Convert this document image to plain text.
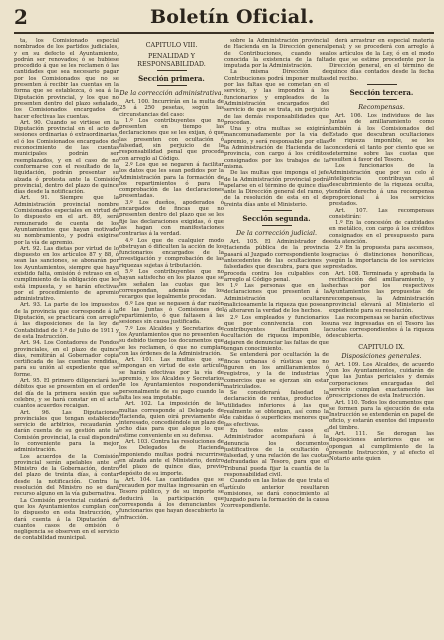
2	Boletín Oficial.

ta, los Comisionado especial nombrados de los partidos judiciales, y en su defecto el Ayuntamiento, podrán ser renovados; ó se hubiese procedido á que se les reclamen ó las cantidades que sea necesario pagar por los Comisionados que no se presenten á recibir las cuentas en la forma que se establezca, ó sea á la Diputación provincial, y los que no presenten dentro del plazo señalado, los Comisionados encargados de hacer efectivas las cuentas.

Art. 90. Cuando se virtiese en la Diputación provincial en el acto de sesiones ordinarias ó extraordinarias, el ó los Comisionados encargados del reconocimiento de las cuentas municipales podrán ser reemplazados, y en el caso de no conformarse con el resultado de la liquidación, podrán presentar su alzada ó protesta ante la Comisión provincial, dentro del plazo de quince días desde la notificación.

Art. 91. Siempre que la Administración provincial nombre Comisionados especiales en virtud de lo dispuesto en el art. 89, será remunerado de cuenta de los Ayuntamientos que hayan motivado su nombramiento, y podrá exigirse por la vía de apremio.

Art. 92. Las dietas por virtud de lo dispuesto en los artículos 87 y 88, ó sean las sanciones, se abonarán por los Ayuntamientos, siempre que haya existido falta, omisión ó retraso en el cumplimiento de la obligación que les está impuesta, y se harán efectivas por el procedimiento de apremio administrativo.

Art. 93. La parte de los impuestos de la provincia que corresponde á la Diputación, se practicará con arreglo á las disposiciones de la ley de Contabilidad de 1.º de Julio de 1911 y de esta Instrucción.

Art. 94. Los Contadores de Fondos provinciales, en el plazo de quince días, remitirán al Gobernador copia certificada de las cuentas rendidas, para su unión al expediente que se forme.

Art. 95. El primero diligenciará los débitos que se presenten en el orden del día de la primera sesión que se celebre, y se hará constar en el acta cuantos acuerdos recaigan.

Art. 96. Las Diputaciones provinciales que tengan establecido servicio de arbitrios, recaudarán y darán cuenta de su gestión ante la Comisión provincial, la cual dispondrá lo conveniente para la mejor administración.

Los acuerdos de la Comisión provincial serán apelables ante el Ministro de la Gobernación, dentro del plazo de treinta días, á contar desde la notificación. Contra la resolución del Ministro no se dará recurso alguno en la vía gubernativa.

La Comisión provincial cuidará de que los Ayuntamientos cumplan con lo dispuesto en esta Instrucción, y dará cuenta á la Diputación de cuantos casos de omisión ó negligencia se observen en el servicio de contabilidad municipal.

CAPITULO VIII.

PENALIDAD Y RESPONSABILIDAD.

Sección primera.

De la corrección administrativa.

Art. 100. Incurrirán en la multa de 25 á 250 pesetas, según las circunstancias del caso:

1.º Los contribuyentes que no presenten en tiempo las declaraciones que se les exijan, ó que las presenten con ocultación ó falsedad, sin perjuicio de la responsabilidad penal que proceda con arreglo al Código.

2.º Los que se negaren á facilitar los datos que les sean pedidos por la Administración para la formación de los repartimientos ó para la comprobación de las declaraciones presentadas.

3.º Los dueños, apoderados ó encargados de fincas que no presenten dentro del plazo que se les fije las declaraciones exigidas, ó que las hagan con manifestaciones contrarias á la verdad.

4.º Los que de cualquier modo obstruyan ó dificulten la acción de los funcionarios encargados de la investigación y comprobación de las riquezas sujetas á tributación.

5.º Los contribuyentes que no hayan satisfecho en los plazos que se les señalen las cuotas que les correspondan, además de los recargos que legalmente procedan.

6.º Los que se negasen á dar razón de las Juntas ó Comisiones del repartimiento, ó que faltasen á las sesiones sin causa justificada.

7.º Los Alcaldes y Secretarios de los Ayuntamientos que no presenten á su debido tiempo los documentos que se les reclamen, ó que no cumplan con las órdenes de la Administración.

Art. 101. Las multas que se impongan en virtud de este artículo se harán efectivas por la vía de apremio, y los Alcaldes y Secretarios de los Ayuntamientos responderán personalmente de su pago cuando la falta les sea imputable.

Art. 102. La imposición de las multas corresponde al Delegado de Hacienda, quien oirá previamente al interesado, concediéndole un plazo de ocho días para que alegue lo que estime conveniente en su defensa.

Art. 103. Contra las resoluciones de los Delegados de Hacienda imponiendo multas podrá recurrirse en alzada ante el Ministerio, dentro del plazo de quince días, previo depósito de su importe.

Art. 104. Las cantidades que se recauden por multas ingresarán en el Tesoro público, y de su importe se deducirá la participación que corresponda á los denunciantes y funcionarios que hayan descubierto la infracción.

sobre la Administración provincial de Hacienda en la Dirección general de Contribuciones, cuando sea conocida la existencia de la falta imputada por la Administración.

La misma Dirección de Contribuciones podrá imponer multas por las faltas que se cometan en el servicio, y las impondrá á los funcionarios y empleados de la Administración encargados del servicio de que se trata, sin perjuicio de las demás responsabilidades que procedan.

Una y otra multas se exigirán mancomunadamente por la vía de apremio, y será responsable por ellas la Administración de Hacienda de la provincia, con cargo á los créditos consignados por los trabajos de la misma.

De las multas que imponga el jefe de la Administración provincial podrá apelarse en el término de quince días ante la Dirección general del ramo, y de la resolución de esta en el de treinta días ante el Ministerio.

Sección segunda.

De la corrección judicial.

Art. 105. El Administrador de Hacienda pública de la provincia pasará al Juzgado correspondiente los antecedentes de las ocultaciones y falsedades que descubra, para que se proceda contra los culpables con arreglo al Código penal.

1.º Las personas que en las declaraciones que presenten á la Administración ocultaren maliciosamente la riqueza que posean ó alteraren la verdad de los hechos.

2.º Los empleados y funcionarios que por connivencia con los contribuyentes facilitaren la ocultación de riqueza imponible, ó dejaren de denunciar las faltas de que tengan conocimiento.

Se entenderá por ocultación la de fincas urbanas ó rústicas que no figuren en los amillaramientos ó registros, y la de industrias y comercios que se ejerzan sin estar matriculados.

Se considerará falsedad la declaración de rentas, productos ó utilidades inferiores á las que realmente se obtengan, así como la de cabidas ó superficies menores que las efectivas.

En todos estos casos el Administrador acompañará á la denuncia los documentos justificativos de la ocultación ó falsedad, y una relación de las cuotas defraudadas al Tesoro, para que el Tribunal pueda fijar la cuantía de la responsabilidad civil.

Cuando en las listas de que trata el artículo anterior resultaren omisiones, se dará conocimiento al Juzgado para la formación de la causa correspondiente.

derá arrastrar en especial materia penal; y se procederá con arreglo á los artículos de la Ley, ó en el modo de que se estime procedente por la Dirección general, en el término de quince días contados desde la fecha del recibo.

Sección tercera.

Recompensas.

Art. 106. Los individuos de las Juntas de amillaramiento como también á los Comisionados del Estado que descubran ocultaciones de riqueza imponible, se les concederá el tanto por ciento que se determine sobre las cuotas que resulten á favor del Tesoro.

Los funcionarios de la Administración que por su celo é inteligencia contribuyan al descubrimiento de la riqueza oculta, tendrán derecho á una recompensa proporcional á los servicios prestados.

Art. 107. Las recompensas consistirán:

1.º En la concesión de cantidades en metálico, con cargo á los créditos consignados en el presupuesto para esta atención.

2.º En la propuesta para ascensos, gracias ó distinciones honoríficas, según la importancia de los servicios prestados.

Art. 108. Terminada y aprobada la rectificación del amillaramiento, y hechas por los respectivos Ayuntamientos las propuestas de recompensas, la Administración provincial elevará al Ministerio el expediente para su resolución.

Las recompensas se harán efectivas una vez ingresadas en el Tesoro las cuotas correspondientes á la riqueza descubierta.

CAPITULO IX.

Disposiciones generales.

Art. 109. Los Alcaldes, de acuerdo con los Ayuntamientos, cuidarán de que las Juntas periciales y demás corporaciones encargadas del servicio cumplan exactamente las prescripciones de esta Instrucción.

Art. 110. Todos los documentos que se formen para la ejecución de esta Instrucción se extenderán en papel de oficio, y estarán exentos del impuesto del timbre.

Art. 111. Se derogan las disposiciones anteriores que se opongan al cumplimiento de la presente Instrucción, y al efecto el Notario ante quien
